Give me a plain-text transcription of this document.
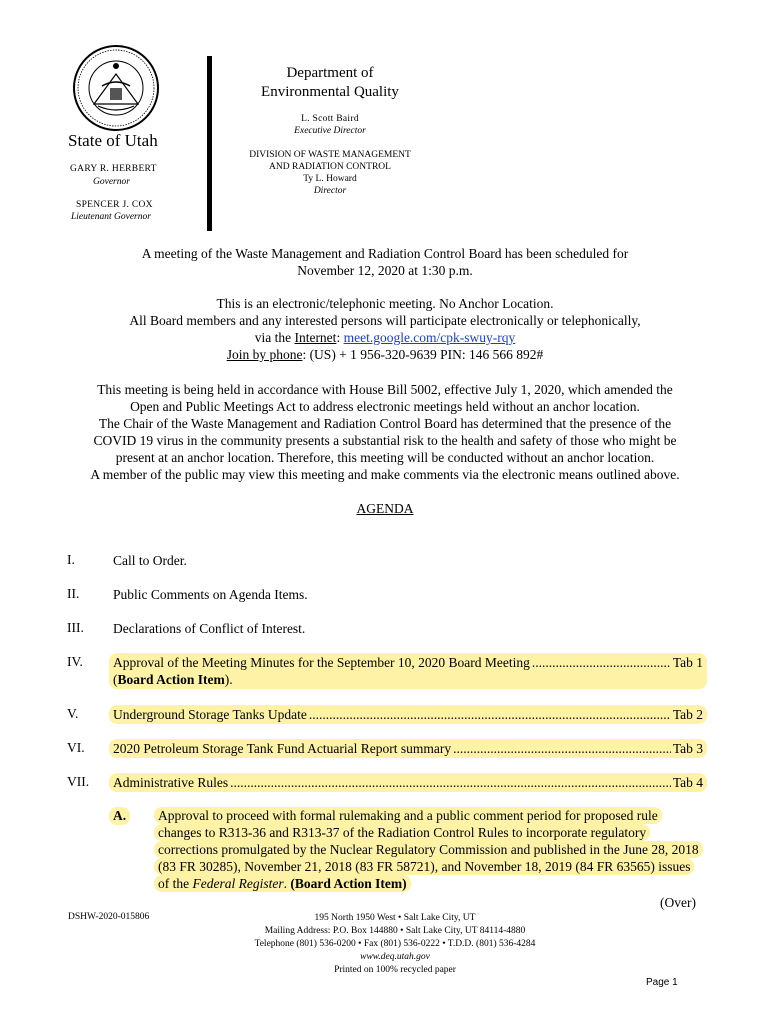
State of Utah
GARY R. HERBERT
Governor
SPENCER J. COX
Lieutenant Governor
Department of
Environmental Quality
L. Scott Baird
Executive Director
DIVISION OF WASTE MANAGEMENT
AND RADIATION CONTROL
Ty L. Howard
Director
A meeting of the Waste Management and Radiation Control Board has been scheduled for
November 12, 2020 at 1:30 p.m.
This is an electronic/telephonic meeting. No Anchor Location.
All Board members and any interested persons will participate electronically or telephonically,
via the Internet: meet.google.com/cpk-swuy-rqy
Join by phone: (US) + 1 956-320-9639 PIN: 146 566 892#
This meeting is being held in accordance with House Bill 5002, effective July 1, 2020, which amended the
Open and Public Meetings Act to address electronic meetings held without an anchor location.
The Chair of the Waste Management and Radiation Control Board has determined that the presence of the
COVID 19 virus in the community presents a substantial risk to the health and safety of those who might be
present at an anchor location. Therefore, this meeting will be conducted without an anchor location.
A member of the public may view this meeting and make comments via the electronic means outlined above.
AGENDA
I.	Call to Order.
II. Public Comments on Agenda Items.
III. Declarations of Conflict of Interest.
IV. Approval of the Meeting Minutes for the September 10, 2020 Board Meeting .....	Tab 1
(Board Action Item).
V.	Underground Storage Tanks Update .....	Tab 2
VI. 2020 Petroleum Storage Tank Fund Actuarial Report summary .....	Tab 3
VII. Administrative Rules .....	Tab 4
A. Approval to proceed with formal rulemaking and a public comment period for proposed rule changes to R313-36 and R313-37 of the Radiation Control Rules to incorporate regulatory corrections promulgated by the Nuclear Regulatory Commission and published in the June 28, 2018 (83 FR 30285), November 21, 2018 (83 FR 58721), and November 18, 2019 (84 FR 63565) issues of the Federal Register. (Board Action Item)
(Over)
DSHW-2020-015806	195 North 1950 West • Salt Lake City, UT
Mailing Address: P.O. Box 144880 • Salt Lake City, UT 84114-4880
Telephone (801) 536-0200 • Fax (801) 536-0222 • T.D.D. (801) 536-4284
www.deq.utah.gov
Printed on 100% recycled paper
Page 1
